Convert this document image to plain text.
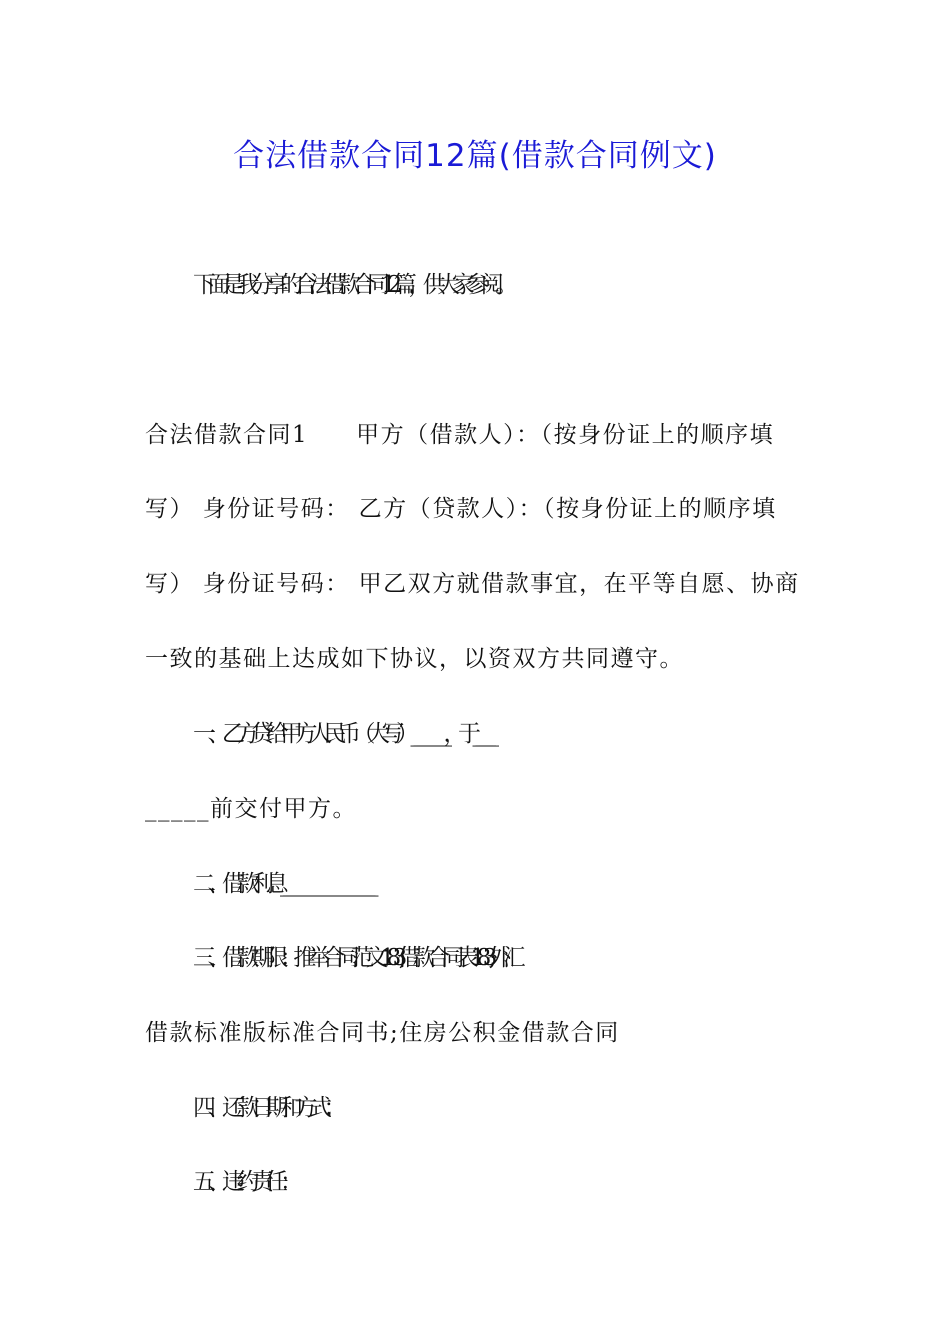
合法借款合同12篇(借款合同例文)

下面是我分享的合法借款合同12篇，供大家参阅。

合法借款合同1 甲方（借款人）：（按身份证上的顺序填

写） 身份证号码： 乙方（贷款人）：（按身份证上的顺序填

写） 身份证号码： 甲乙双方就借款事宜，在平等自愿、协商

一致的基础上达成如下协议，以资双方共同遵守。

一、乙方贷给甲方人民币（大写）___________，于______

_____前交付甲方。

二、借款利息______________________________

三、借款期限： 推举合同范文183;借款合同表183;外汇

借款标准版标准合同书;住房公积金借款合同

四、还款日期和方式：

五、违约责任：
